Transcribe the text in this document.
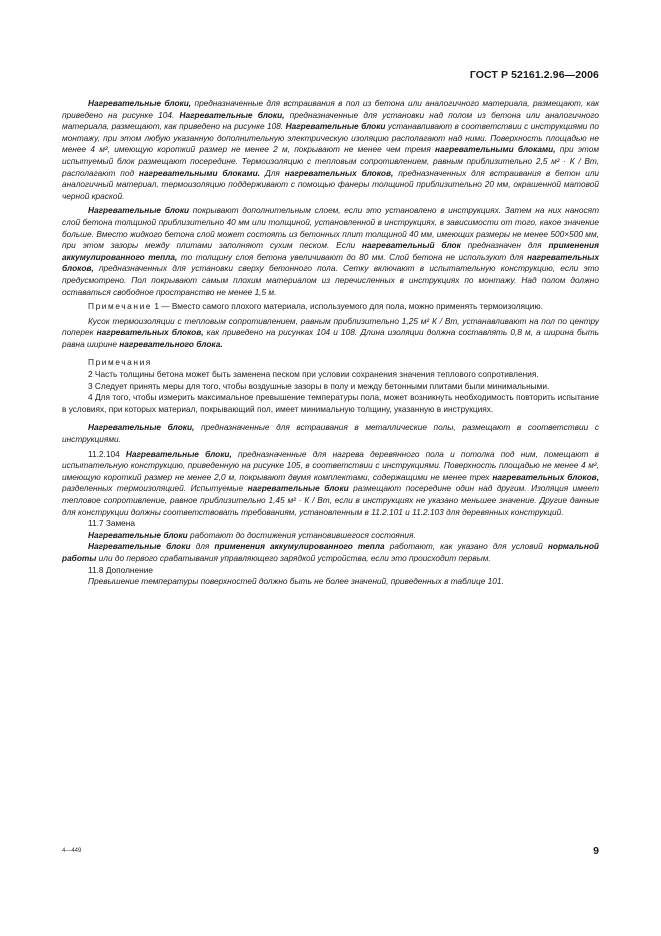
ГОСТ Р 52161.2.96—2006

Нагревательные блоки, предназначенные для встраивания в пол из бетона или аналогичного материала, размещают, как приведено на рисунке 104. Нагревательные блоки, предназначенные для установки над полом из бетона или аналогичного материала, размещают, как приведено на рисунке 108. Нагревательные блоки устанавливают в соответствии с инструкциями по монтажу, при этом любую указанную дополнительную электрическую изоляцию располагают над ними. Поверхность площадью не менее 4 м², имеющую короткий размер не менее 2 м, покрывают не менее чем тремя нагревательными блоками, при этом испытуемый блок размещают посередине. Термоизоляцию с тепловым сопротивлением, равным приблизительно 2,5 м² · К / Вт, располагают под нагревательными блоками. Для нагревательных блоков, предназначенных для встраивания в бетон или аналогичный материал, термоизоляцию поддерживают с помощью фанеры толщиной приблизительно 20 мм, окрашенной матовой черной краской.

Нагревательные блоки покрывают дополнительным слоем, если это установлено в инструкциях. Затем на них наносят слой бетона толщиной приблизительно 40 мм или толщиной, установленной в инструкциях, в зависимости от того, какое значение больше. Вместо жидкого бетона слой может состоять из бетонных плит толщиной 40 мм, имеющих размеры не менее 500×500 мм, при этом зазоры между плитами заполняют сухим песком. Если нагревательный блок предназначен для применения аккумулированного тепла, то толщину слоя бетона увеличивают до 80 мм. Слой бетона не используют для нагревательных блоков, предназначенных для установки сверху бетонного пола. Сетку включают в испытательную конструкцию, если это предусмотрено. Пол покрывают самым плохим материалом из перечисленных в инструкциях по монтажу. Над полом должно оставаться свободное пространство не менее 1,5 м.

Примечание 1 — Вместо самого плохого материала, используемого для пола, можно применять термоизоляцию.

Кусок термоизоляции с тепловым сопротивлением, равным приблизительно 1,25 м² К / Вт, устанавливают на пол по центру поперек нагревательных блоков, как приведено на рисунках 104 и 108. Длина изоляции должна составлять 0,8 м, а ширина быть равна ширине нагревательного блока.

Примечания

2 Часть толщины бетона может быть заменена песком при условии сохранения значения теплового сопротивления.

3 Следует принять меры для того, чтобы воздушные зазоры в полу и между бетонными плитами были минимальными.

4 Для того, чтобы измерить максимальное превышение температуры пола, может возникнуть необходимость повторить испытание в условиях, при которых материал, покрывающий пол, имеет минимальную толщину, указанную в инструкциях.

Нагревательные блоки, предназначенные для встраивания в металлические полы, размещают в соответствии с инструкциями.

11.2.104 Нагревательные блоки, предназначенные для нагрева деревянного пола и потолка под ним, помещают в испытательную конструкцию, приведенную на рисунке 105, в соответствии с инструкциями. Поверхность площадью не менее 4 м², имеющую короткий размер не менее 2,0 м, покрывают двумя комплектами, содержащими не менее трех нагревательных блоков, разделенных термоизоляцией. Испытуемые нагревательные блоки размещают посередине один над другим. Изоляция имеет тепловое сопротивление, равное приблизительно 1,45 м² · К / Вт, если в инструкциях не указано меньшее значение. Другие данные для конструкции должны соответствовать требованиям, установленным в 11.2.101 и 11.2.103 для деревянных конструкций.

11.7 Замена

Нагревательные блоки работают до достижения установившегося состояния.

Нагревательные блоки для применения аккумулированного тепла работают, как указано для условий нормальной работы или до первого срабатывания управляющего зарядкой устройства, если это происходит первым.

11.8 Дополнение

Превышение температуры поверхностей должно быть не более значений, приведенных в таблице 101.

4—449	9
